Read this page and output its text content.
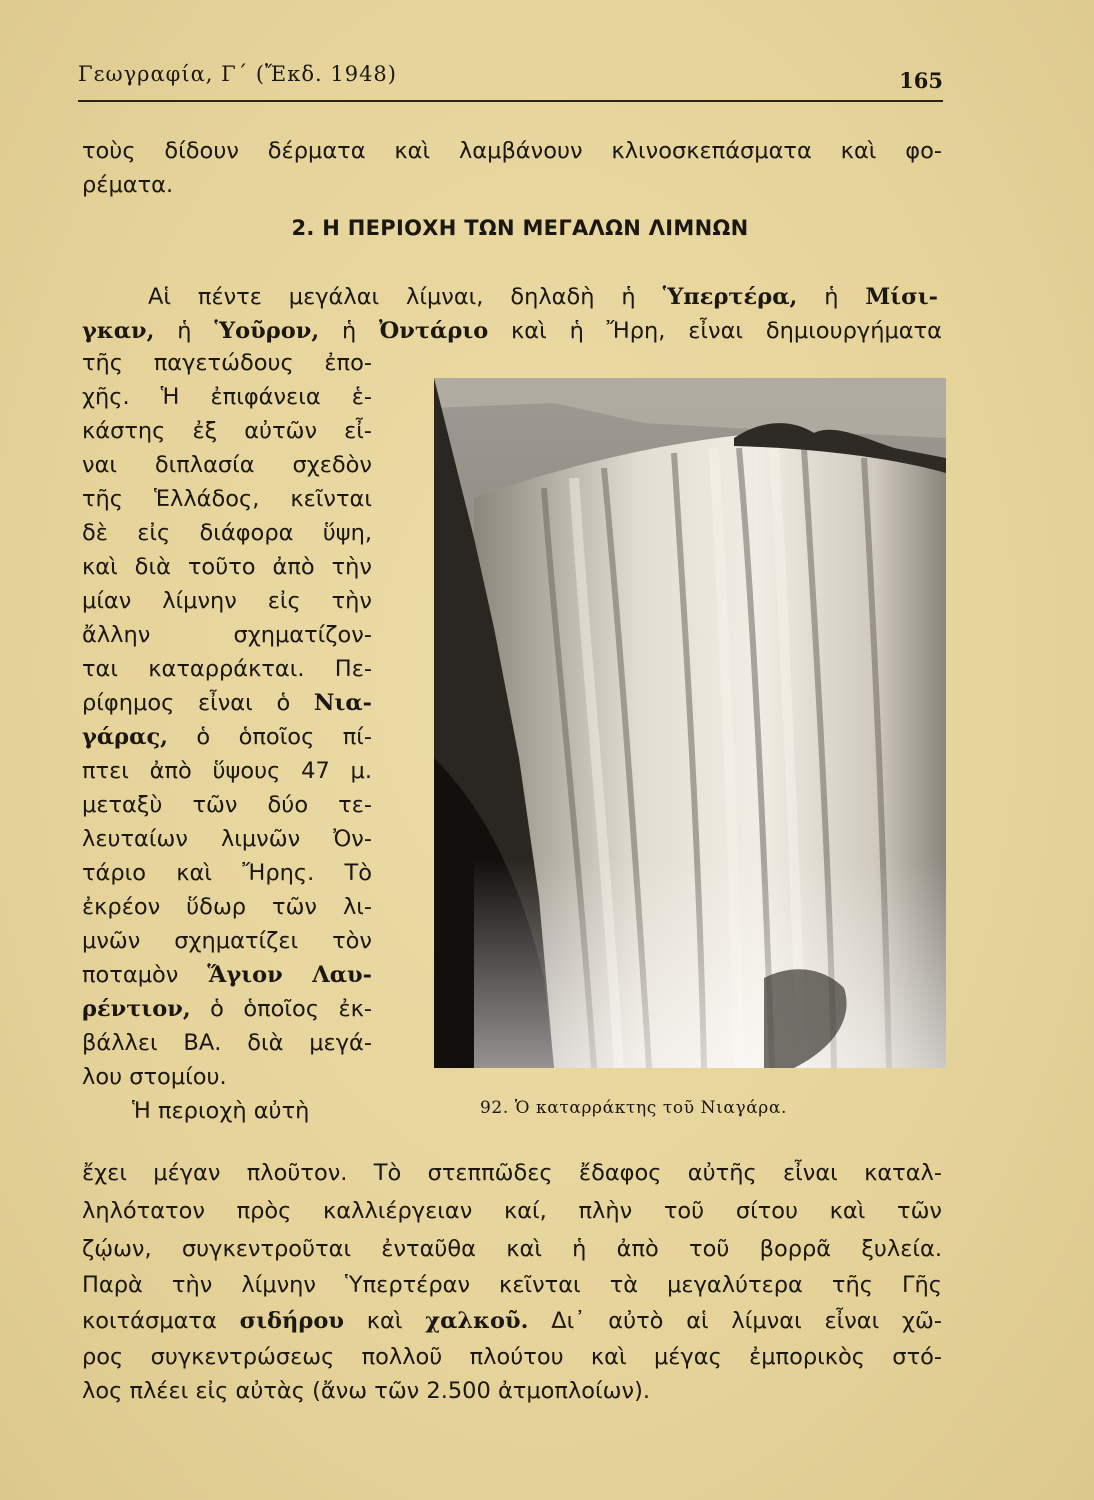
Γεωγραφία, Γ΄ (Ἔκδ. 1948)	165
τοὺς δίδουν δέρματα καὶ λαμβάνουν κλινοσκεπάσματα καὶ φο-
ρέματα.
2. Η ΠΕΡΙΟΧΗ ΤΩΝ ΜΕΓΑΛΩΝ ΛΙΜΝΩΝ
Αἱ πέντε μεγάλαι λίμναι, δηλαδὴ ἡ Ὑπερτέρα, ἡ Μίσι-
γκαν, ἡ Ὑοῦρον, ἡ Ὀντάριο καὶ ἡ Ἤρη, εἶναι δημιουργήματα
τῆς παγετώδους ἐπο-
χῆς. Ἡ ἐπιφάνεια ἑ-
κάστης ἐξ αὐτῶν εἶ-
ναι διπλασία σχεδὸν
τῆς Ἑλλάδος, κεῖνται
δὲ εἰς διάφορα ὕψη,
καὶ διὰ τοῦτο ἀπὸ τὴν
μίαν λίμνην εἰς τὴν
ἄλλην σχηματίζον-
ται καταρράκται. Πε-
ρίφημος εἶναι ὁ Νια-
γάρας, ὁ ὁποῖος πί-
πτει ἀπὸ ὕψους 47 μ.
μεταξὺ τῶν δύο τε-
λευταίων λιμνῶν Ὀν-
τάριο καὶ Ἤρης. Τὸ
ἐκρέον ὕδωρ τῶν λι-
μνῶν σχηματίζει τὸν
ποταμὸν Ἅγιον Λαυ-
ρέντιον, ὁ ὁποῖος ἐκ-
βάλλει ΒΑ. διὰ μεγά-
λου στομίου.
Ἡ περιοχὴ αὐτὴ	92. Ὁ καταρράκτης τοῦ Νιαγάρα.
ἔχει μέγαν πλοῦτον. Τὸ στεππῶδες ἔδαφος αὐτῆς εἶναι καταλ-
ληλότατον πρὸς καλλιέργειαν καί, πλὴν τοῦ σίτου καὶ τῶν
ζῴων, συγκεντροῦται ἐνταῦθα καὶ ἡ ἀπὸ τοῦ βορρᾶ ξυλεία.
Παρὰ τὴν λίμνην Ὑπερτέραν κεῖνται τὰ μεγαλύτερα τῆς Γῆς
κοιτάσματα σιδήρου καὶ χαλκοῦ. Δι᾿ αὐτὸ αἱ λίμναι εἶναι χῶ-
ρος συγκεντρώσεως πολλοῦ πλούτου καὶ μέγας ἐμπορικὸς στό-
λος πλέει εἰς αὐτὰς (ἄνω τῶν 2.500 ἀτμοπλοίων).
